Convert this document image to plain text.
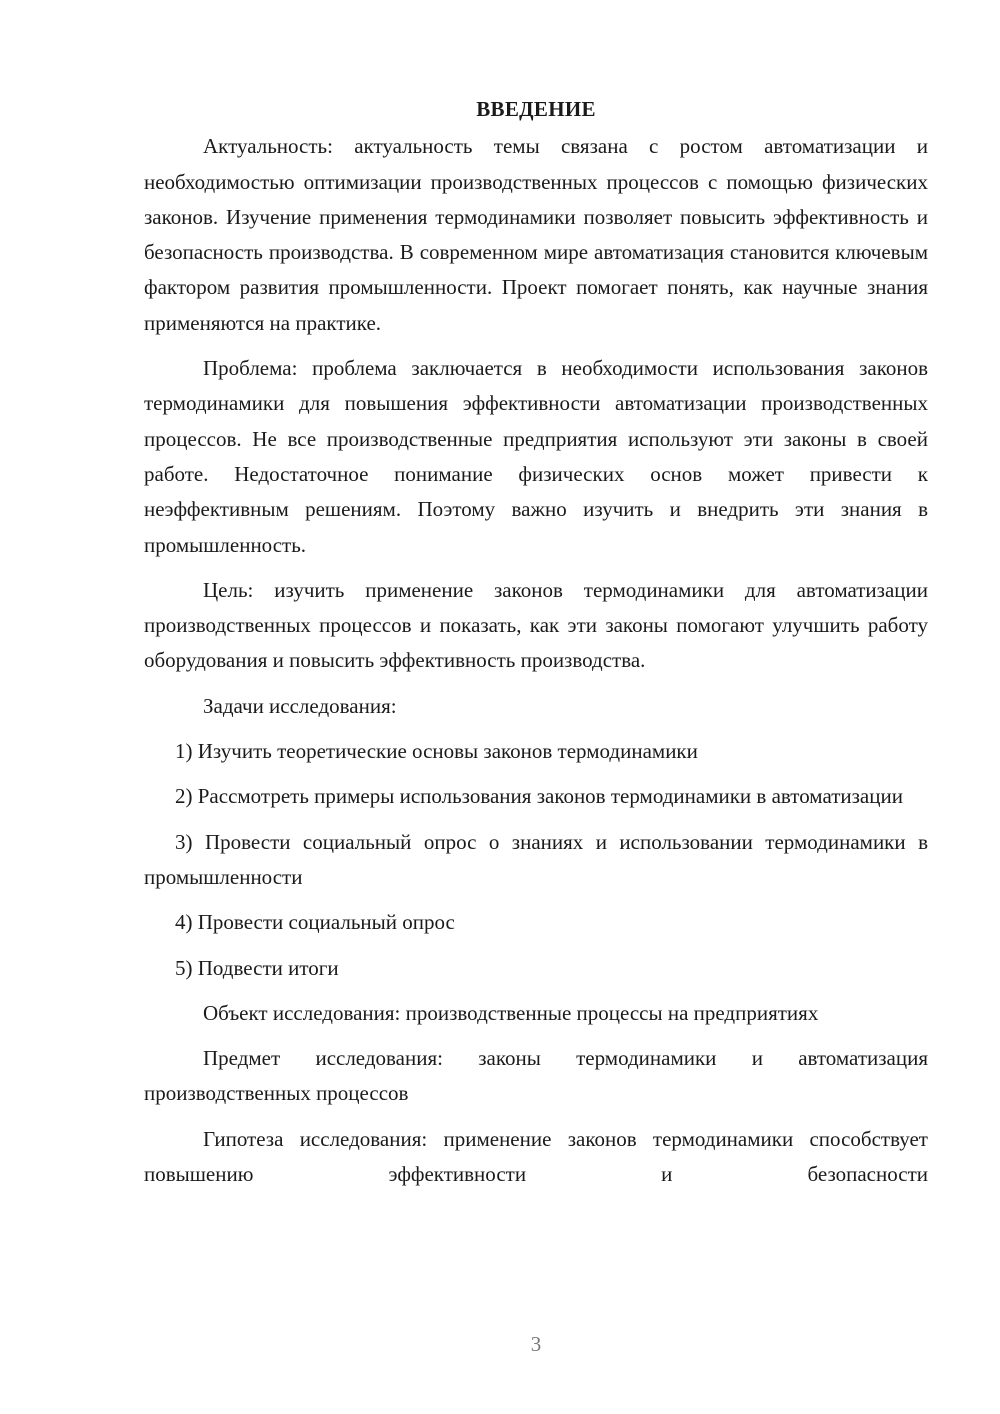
ВВЕДЕНИЕ

Актуальность: актуальность темы связана с ростом автоматизации и необходимостью оптимизации производственных процессов с помощью физических законов. Изучение применения термодинамики позволяет повысить эффективность и безопасность производства. В современном мире автоматизация становится ключевым фактором развития промышленности. Проект помогает понять, как научные знания применяются на практике.

Проблема: проблема заключается в необходимости использования законов термодинамики для повышения эффективности автоматизации производственных процессов. Не все производственные предприятия используют эти законы в своей работе. Недостаточное понимание физических основ может привести к неэффективным решениям. Поэтому важно изучить и внедрить эти знания в промышленность.

Цель: изучить применение законов термодинамики для автоматизации производственных процессов и показать, как эти законы помогают улучшить работу оборудования и повысить эффективность производства.

Задачи исследования:

1) Изучить теоретические основы законов термодинамики

2) Рассмотреть примеры использования законов термодинамики в автоматизации

3) Провести социальный опрос о знаниях и использовании термодинамики в промышленности

4) Провести социальный опрос

5) Подвести итоги

Объект исследования: производственные процессы на предприятиях

Предмет исследования: законы термодинамики и автоматизация производственных процессов

Гипотеза исследования: применение законов термодинамики способствует повышению эффективности и безопасности

3
